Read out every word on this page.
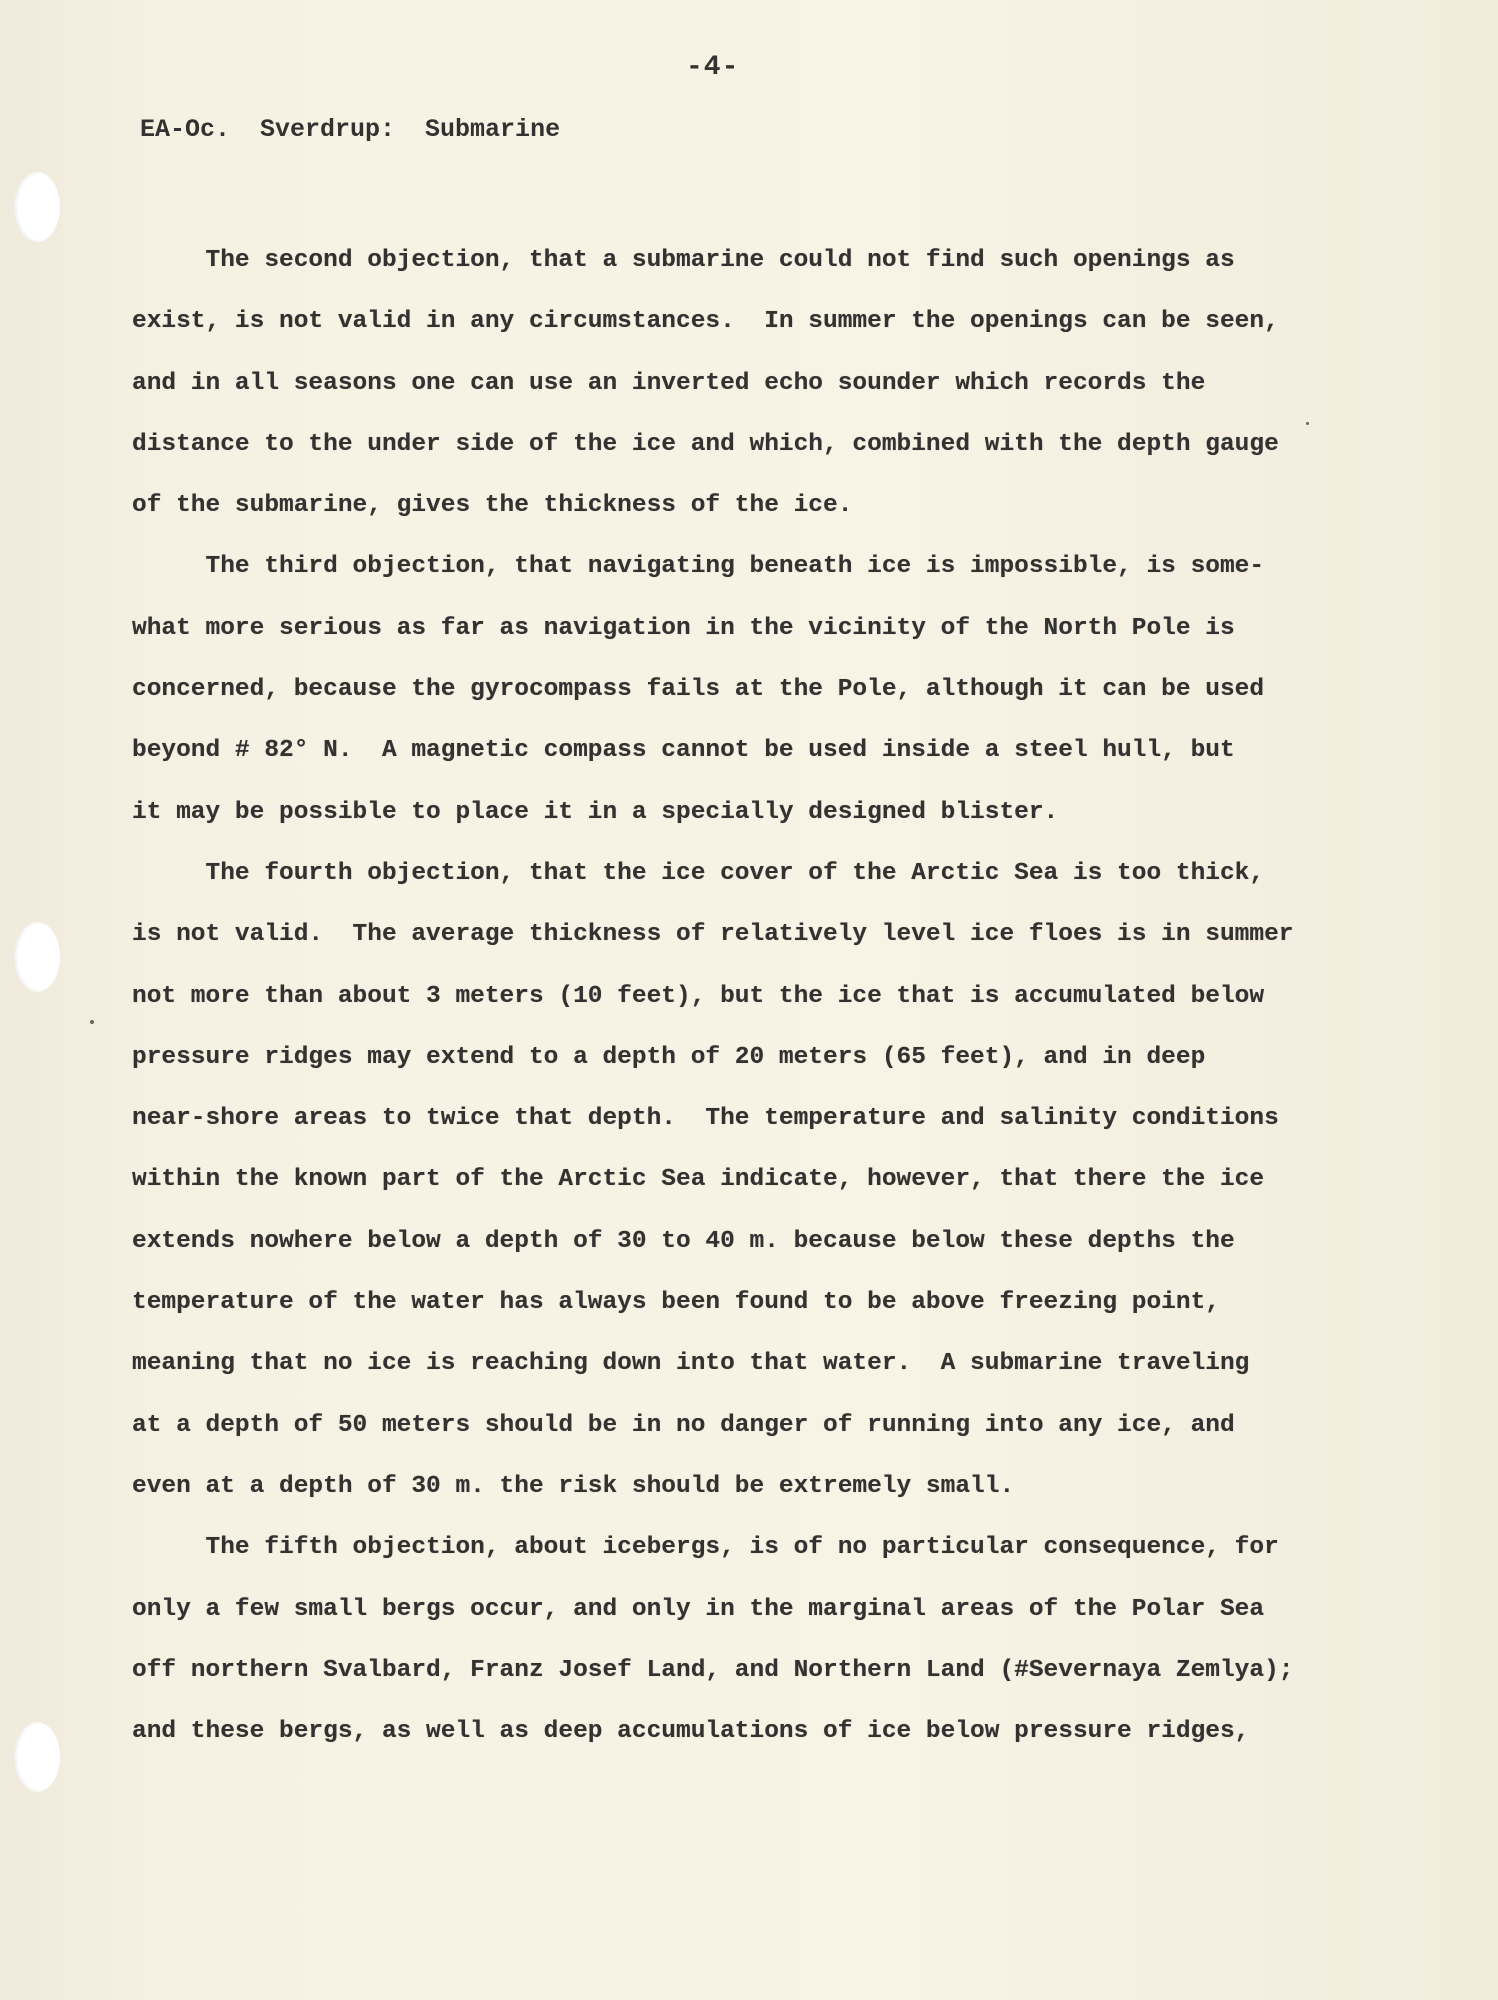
-4-
EA-Oc.  Sverdrup:  Submarine
The second objection, that a submarine could not find such openings as
exist, is not valid in any circumstances.  In summer the openings can be seen,
and in all seasons one can use an inverted echo sounder which records the
distance to the under side of the ice and which, combined with the depth gauge
of the submarine, gives the thickness of the ice.
The third objection, that navigating beneath ice is impossible, is some-
what more serious as far as navigation in the vicinity of the North Pole is
concerned, because the gyrocompass fails at the Pole, although it can be used
beyond # 82° N.  A magnetic compass cannot be used inside a steel hull, but
it may be possible to place it in a specially designed blister.
The fourth objection, that the ice cover of the Arctic Sea is too thick,
is not valid.  The average thickness of relatively level ice floes is in summer
not more than about 3 meters (10 feet), but the ice that is accumulated below
pressure ridges may extend to a depth of 20 meters (65 feet), and in deep
near-shore areas to twice that depth.  The temperature and salinity conditions
within the known part of the Arctic Sea indicate, however, that there the ice
extends nowhere below a depth of 30 to 40 m. because below these depths the
temperature of the water has always been found to be above freezing point,
meaning that no ice is reaching down into that water.  A submarine traveling
at a depth of 50 meters should be in no danger of running into any ice, and
even at a depth of 30 m. the risk should be extremely small.
The fifth objection, about icebergs, is of no particular consequence, for
only a few small bergs occur, and only in the marginal areas of the Polar Sea
off northern Svalbard, Franz Josef Land, and Northern Land (#Severnaya Zemlya);
and these bergs, as well as deep accumulations of ice below pressure ridges,
